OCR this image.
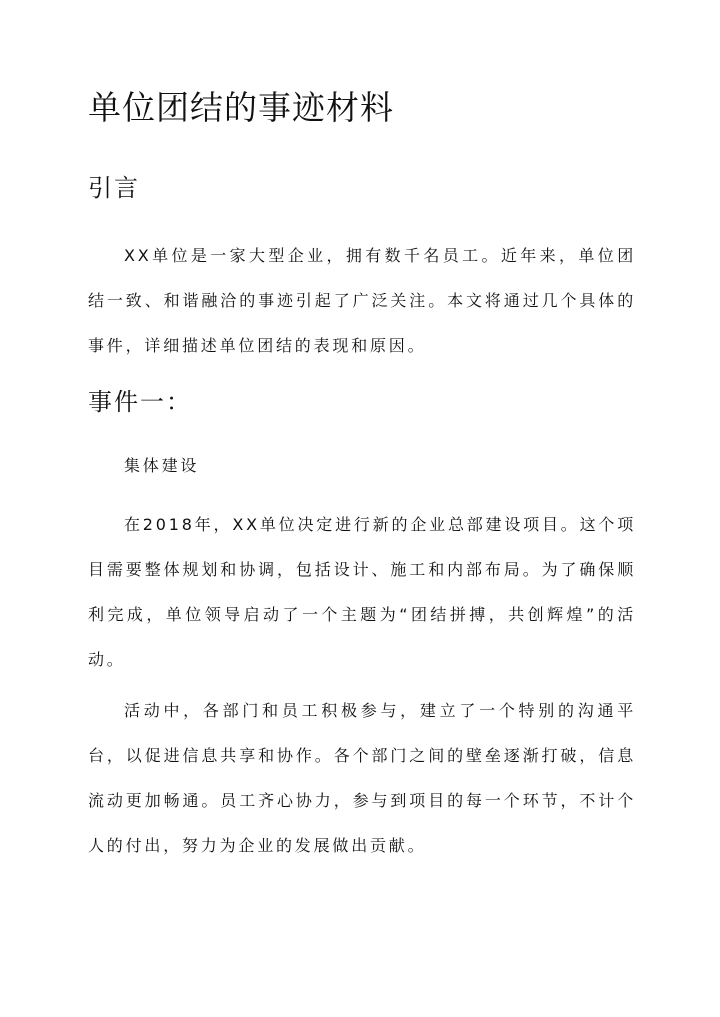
单位团结的事迹材料
引言

XX单位是一家大型企业，拥有数千名员工。近年来，单位团结一致、和谐融洽的事迹引起了广泛关注。本文将通过几个具体的事件，详细描述单位团结的表现和原因。

事件一：

集体建设

在2018年，XX单位决定进行新的企业总部建设项目。这个项目需要整体规划和协调，包括设计、施工和内部布局。为了确保顺利完成，单位领导启动了一个主题为“团结拼搏，共创辉煌”的活动。

活动中，各部门和员工积极参与，建立了一个特别的沟通平台，以促进信息共享和协作。各个部门之间的壁垒逐渐打破，信息流动更加畅通。员工齐心协力，参与到项目的每一个环节，不计个人的付出，努力为企业的发展做出贡献。
